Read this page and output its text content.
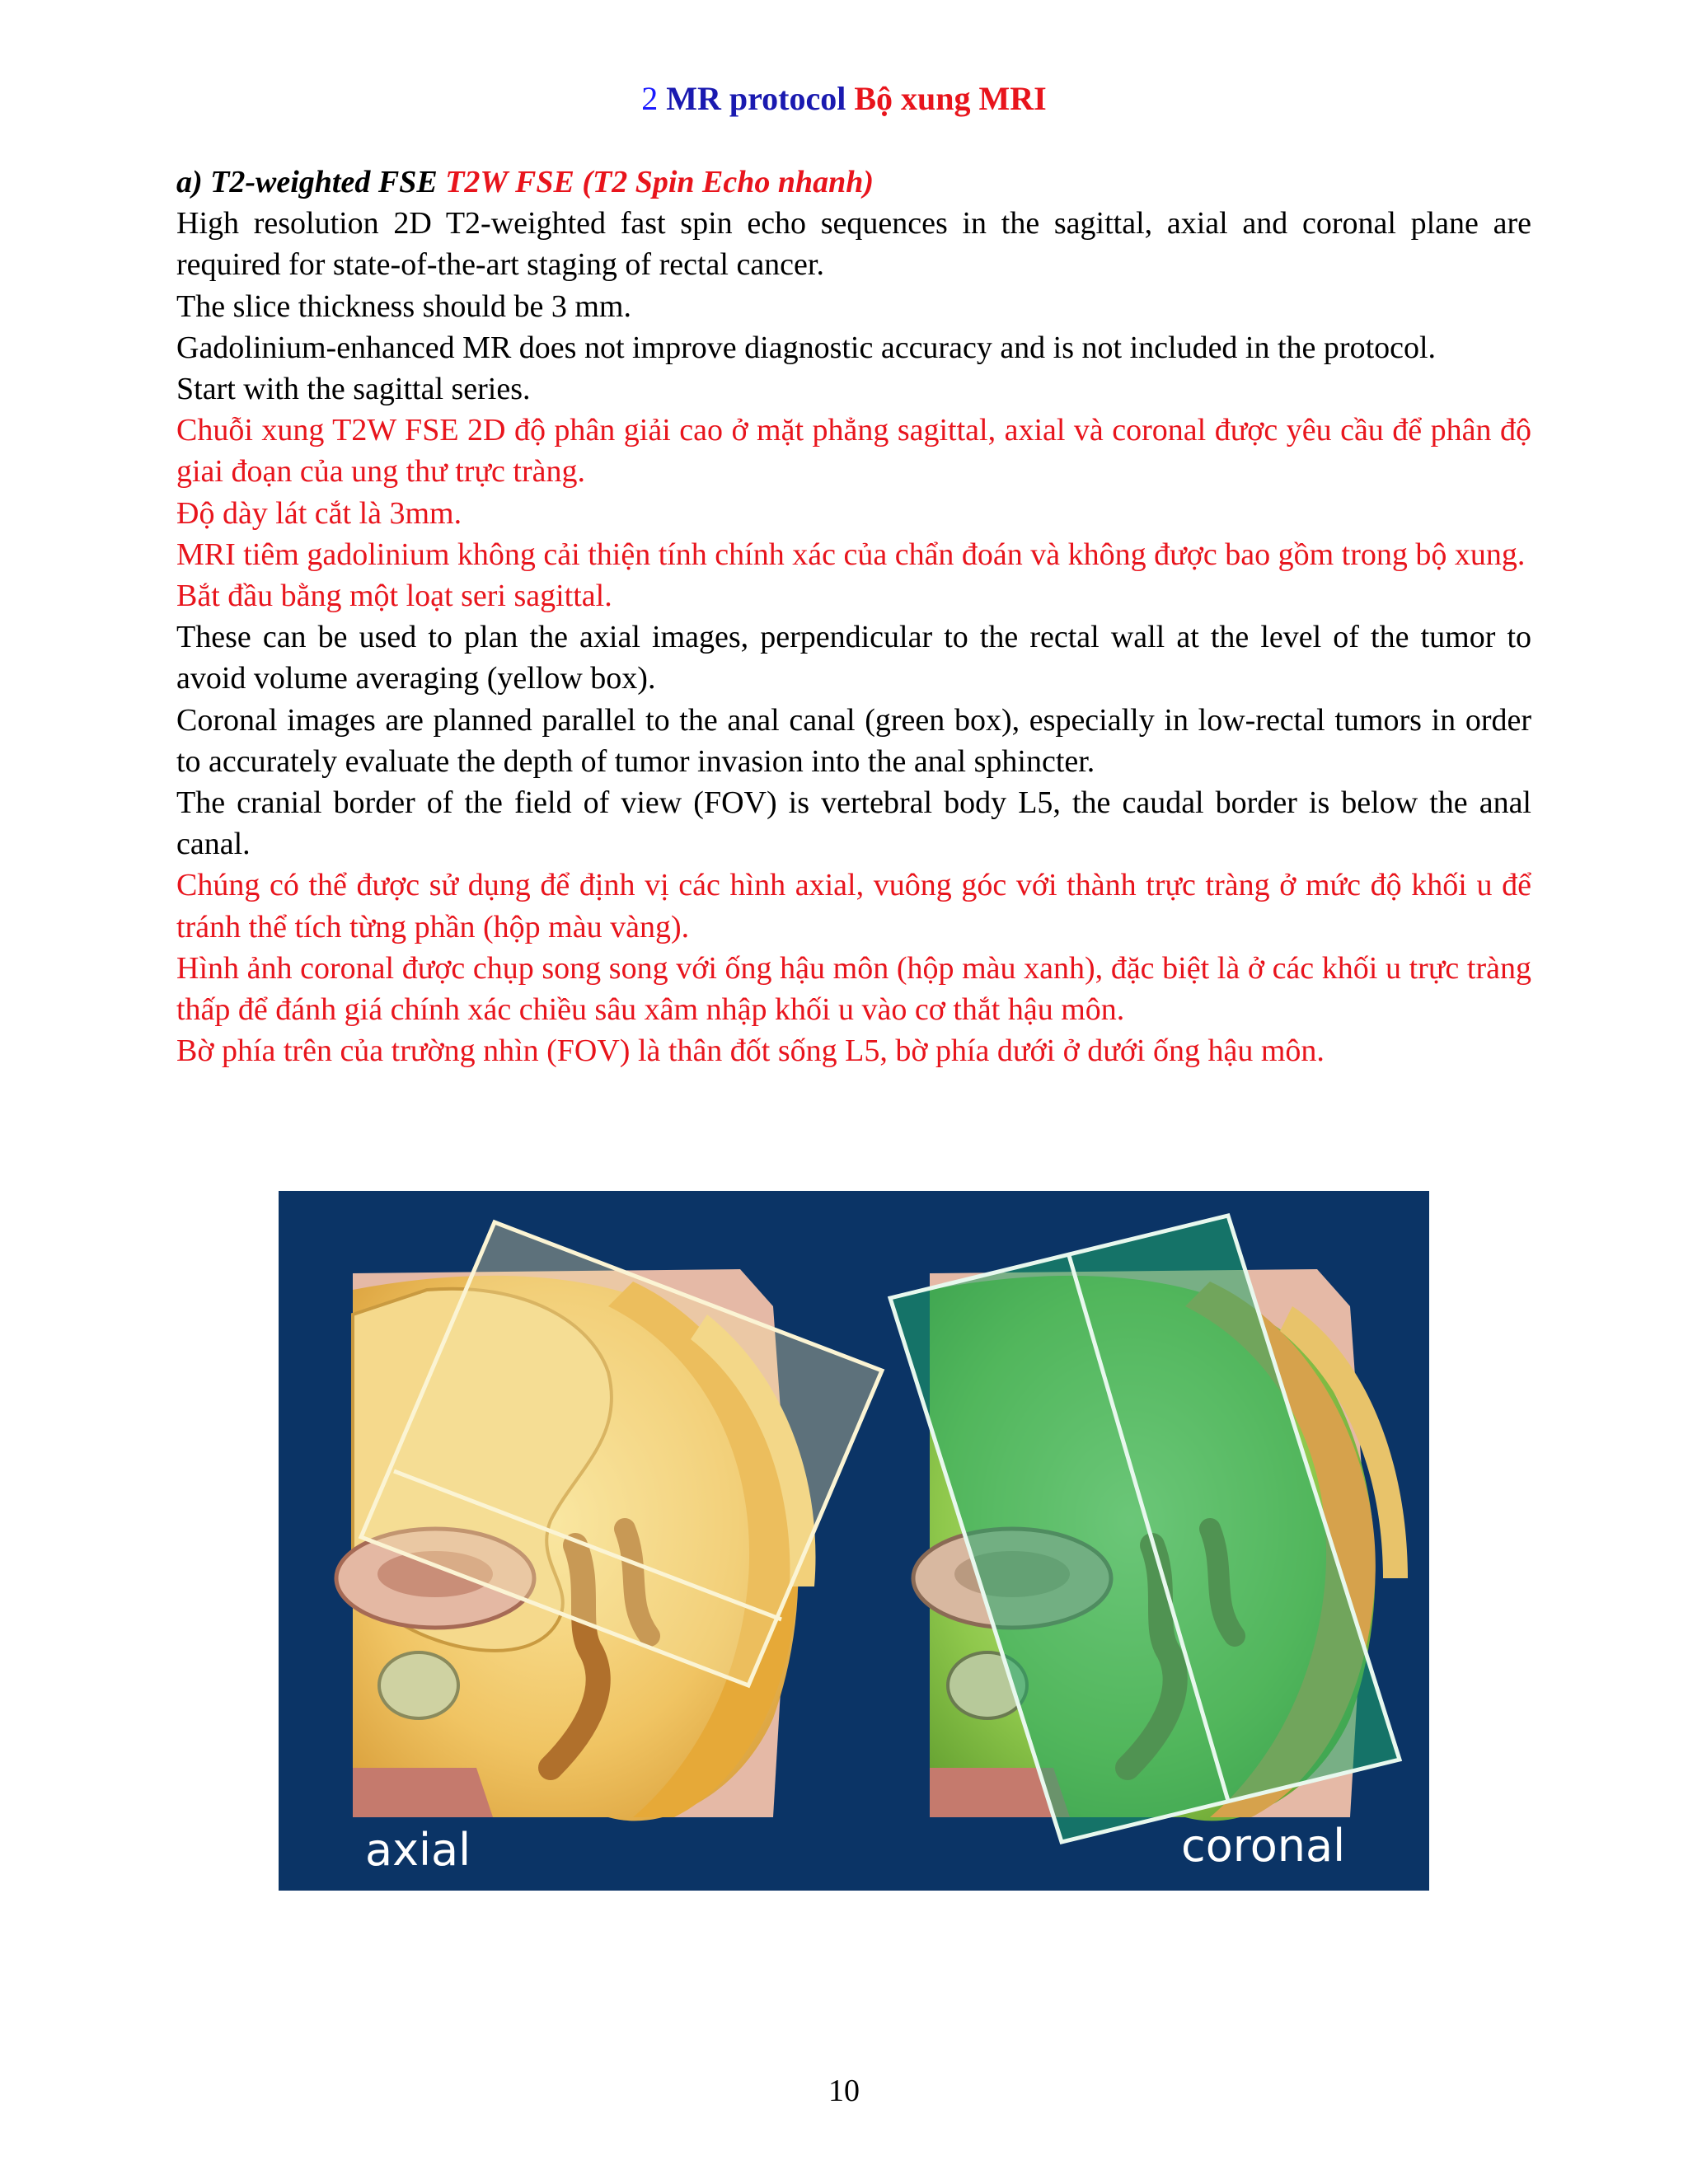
2 MR protocol Bộ xung MRI

a) T2-weighted FSE T2W FSE (T2 Spin Echo nhanh)

High resolution 2D T2-weighted fast spin echo sequences in the sagittal, axial and coronal plane are required for state-of-the-art staging of rectal cancer.

The slice thickness should be 3 mm.

Gadolinium-enhanced MR does not improve diagnostic accuracy and is not included in the protocol.

Start with the sagittal series.

Chuỗi xung T2W FSE 2D độ phân giải cao ở mặt phẳng sagittal, axial và coronal được yêu cầu để phân độ giai đoạn của ung thư trực tràng.

Độ dày lát cắt là 3mm.

MRI tiêm gadolinium không cải thiện tính chính xác của chẩn đoán và không được bao gồm trong bộ xung.

Bắt đầu bằng một loạt seri sagittal.

These can be used to plan the axial images, perpendicular to the rectal wall at the level of the tumor to avoid volume averaging (yellow box).

Coronal images are planned parallel to the anal canal (green box), especially in low-rectal tumors in order to accurately evaluate the depth of tumor invasion into the anal sphincter.

The cranial border of the field of view (FOV) is vertebral body L5, the caudal border is below the anal canal.

Chúng có thể được sử dụng để định vị các hình axial, vuông góc với thành trực tràng ở mức độ khối u để tránh thể tích từng phần (hộp màu vàng).

Hình ảnh coronal được chụp song song với ống hậu môn (hộp màu xanh), đặc biệt là ở các khối u trực tràng thấp để đánh giá chính xác chiều sâu xâm nhập khối u vào cơ thắt hậu môn.

Bờ phía trên của trường nhìn (FOV) là thân đốt sống L5, bờ phía dưới ở dưới ống hậu môn.

axial	coronal
10
